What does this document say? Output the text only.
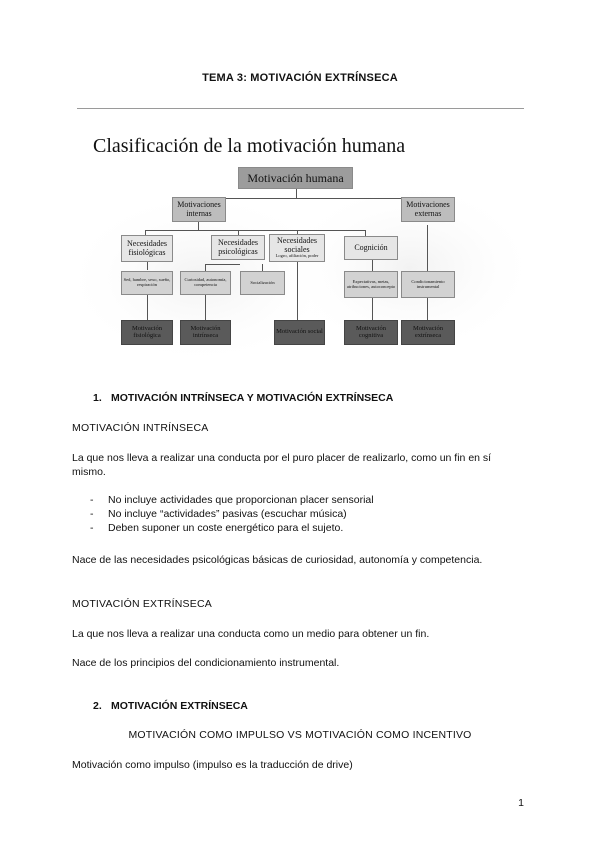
TEMA 3: MOTIVACIÓN EXTRÍNSECA
Clasificación de la motivación humana
Motivación humana
Motivaciones internas
Motivaciones externas
Necesidades fisiológicas
Necesidades psicológicas
Necesidades sociales
Logro, afiliación, poder
Cognición
Sed, hambre, sexo, sueño, respiración
Curiosidad, autonomía, competencia	Socialización	Expectativas, metas, atribuciones, autoconcepto
Condicionamiento instrumental
Motivación fisiológica
Motivación intrínseca	Motivación social	Motivación cognitiva
Motivación extrínseca
1. MOTIVACIÓN INTRÍNSECA Y MOTIVACIÓN EXTRÍNSECA
MOTIVACIÓN INTRÍNSECA
La que nos lleva a realizar una conducta por el puro placer de realizarlo, como un fin en sí
mismo.
- No incluye actividades que proporcionan placer sensorial
- No incluye “actividades” pasivas (escuchar música)
- Deben suponer un coste energético para el sujeto.
Nace de las necesidades psicológicas básicas de curiosidad, autonomía y competencia.
MOTIVACIÓN EXTRÍNSECA
La que nos lleva a realizar una conducta como un medio para obtener un fin.
Nace de los principios del condicionamiento instrumental.
2. MOTIVACIÓN EXTRÍNSECA
MOTIVACIÓN COMO IMPULSO VS MOTIVACIÓN COMO INCENTIVO
Motivación como impulso (impulso es la traducción de drive)
1
